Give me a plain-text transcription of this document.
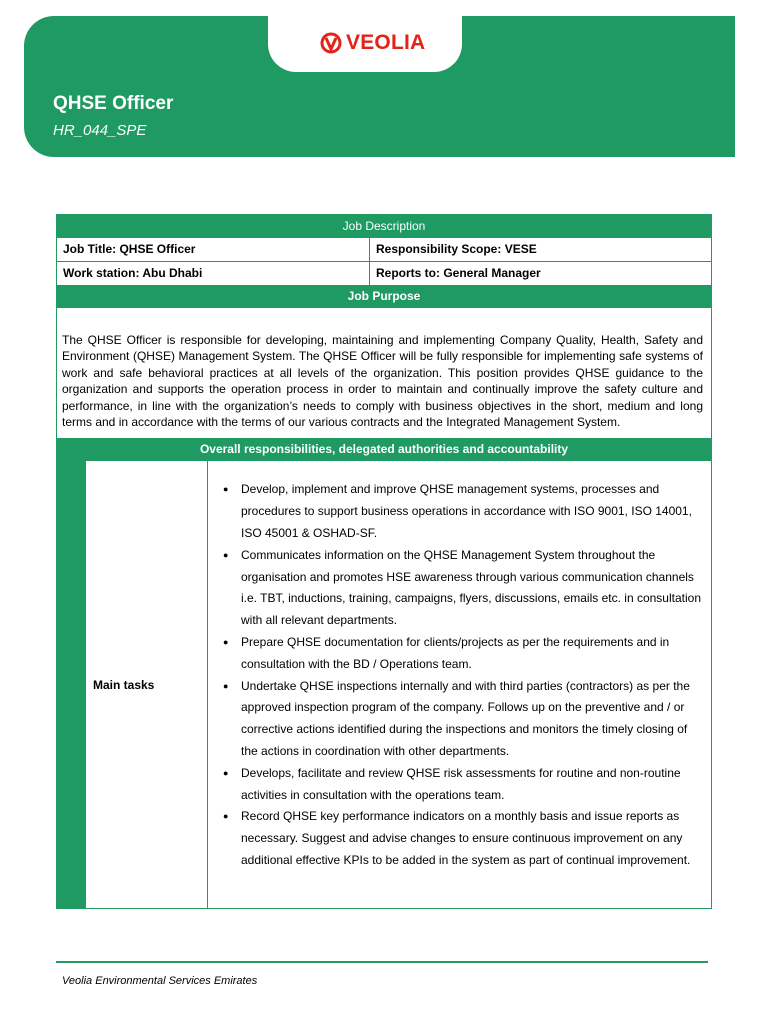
VEOLIA
QHSE Officer
HR_044_SPE
Job Description
Job Title: QHSE Officer	Responsibility Scope: VESE
Work station: Abu Dhabi	Reports to: General Manager
Job Purpose
The QHSE Officer is responsible for developing, maintaining and implementing Company Quality, Health, Safety and Environment (QHSE) Management System. The QHSE Officer will be fully responsible for implementing safe systems of work and safe behavioral practices at all levels of the organization. This position provides QHSE guidance to the organization and supports the operation process in order to maintain and continually improve the safety culture and performance, in line with the organization’s needs to comply with business objectives in the short, medium and long terms and in accordance with the terms of our various contracts and the Integrated Management System.
Overall responsibilities, delegated authorities and accountability
Main tasks
●	Develop, implement and improve QHSE management systems, processes and procedures to support business operations in accordance with ISO 9001, ISO 14001, ISO 45001 & OSHAD-SF.
●	Communicates information on the QHSE Management System throughout the organisation and promotes HSE awareness through various communication channels i.e. TBT, inductions, training, campaigns, flyers, discussions, emails etc. in consultation with all relevant departments.
●	Prepare QHSE documentation for clients/projects as per the requirements and in consultation with the BD / Operations team.
●	Undertake QHSE inspections internally and with third parties (contractors) as per the approved inspection program of the company. Follows up on the preventive and / or corrective actions identified during the inspections and monitors the timely closing of the actions in coordination with other departments.
●	Develops, facilitate and review QHSE risk assessments for routine and non-routine activities in consultation with the operations team.
●	Record QHSE key performance indicators on a monthly basis and issue reports as necessary. Suggest and advise changes to ensure continuous improvement on any additional effective KPIs to be added in the system as part of continual improvement.
Veolia Environmental Services Emirates
